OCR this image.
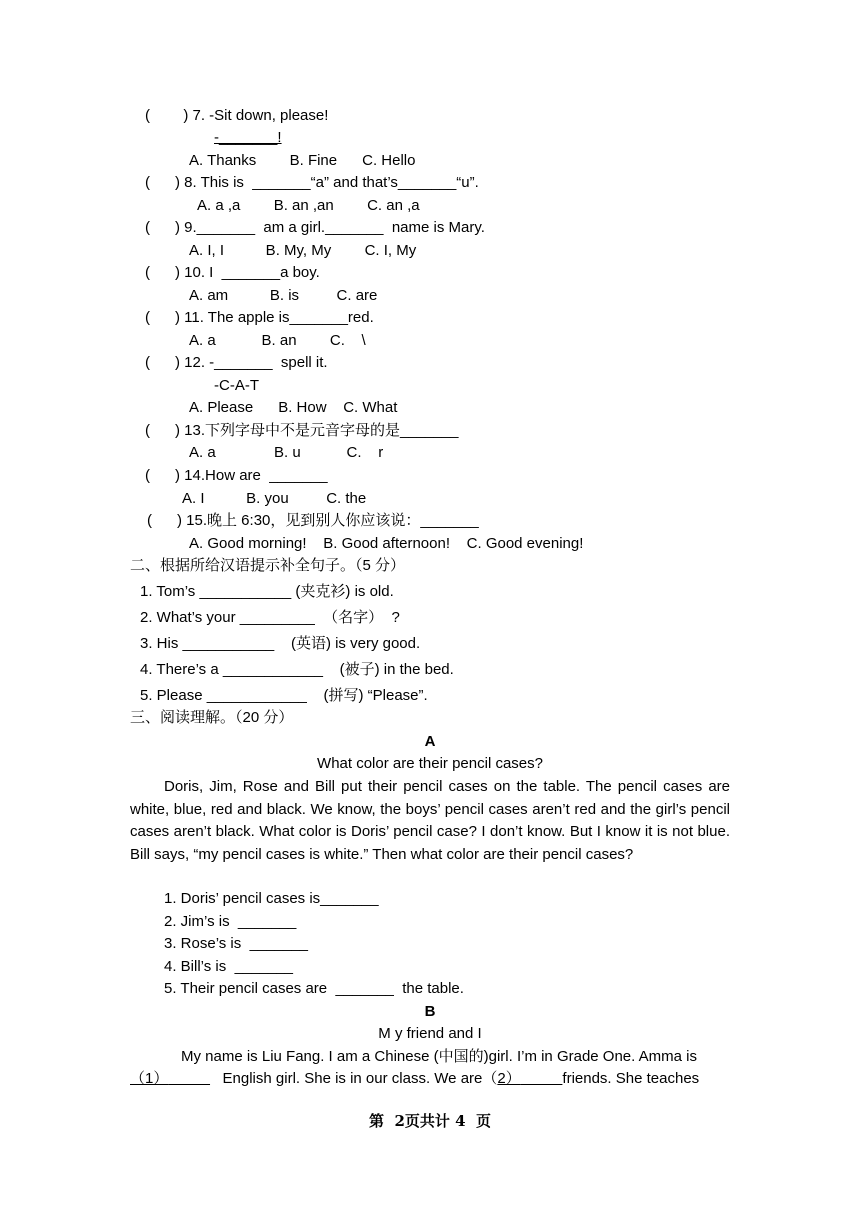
(        ) 7. -Sit down, please!
-_______!
A. Thanks        B. Fine      C. Hello
(      ) 8. This is  _______“a” and that’s_______“u”.
A. a ,a        B. an ,an        C. an ,a
(      ) 9._______  am a girl._______  name is Mary.
A. I, I          B. My, My        C. I, My
(      ) 10. I  _______a boy.
A. am          B. is         C. are
(      ) 11. The apple is_______red.
A. a           B. an        C.    \
(      ) 12. -_______  spell it.
-C-A-T
A. Please      B. How    C. What
(      ) 13.下列字母中不是元音字母的是_______
A. a              B. u           C.    r
(      ) 14.How are  _______
A. I          B. you         C. the
(      ) 15.晚上 6:30，见到别人你应该说：_______
A. Good morning!    B. Good afternoon!    C. Good evening!
二、根据所给汉语提示补全句子。（5 分）
1. Tom’s ___________ (夹克衫) is old.
2. What’s your _________  （名字）  ?
3. His ___________    (英语) is very good.
4. There’s a ____________    (被子) in the bed.
5. Please ____________    (拼写) “Please”.
三、阅读理解。（20 分）
A
What color are their pencil cases?
Doris, Jim, Rose and Bill put their pencil cases on the table. The pencil cases are white, blue, red and black. We know, the boys’ pencil cases aren’t red and the girl’s pencil cases aren’t black. What color is Doris’ pencil case? I don’t know. But I know it is not blue. Bill says, “my pencil cases is white.” Then what color are their pencil cases?
1. Doris’ pencil cases is_______
2. Jim’s is  _______
3. Rose’s is  _______
4. Bill’s is  _______
5. Their pencil cases are  _______  the table.
B
M y friend and I
My name is Liu Fang. I am a Chinese (中国的)girl. I’m in Grade One. Amma is
（1）	English girl. She is in our class. We are（2）	friends. She teaches
第  2页共计 4  页
